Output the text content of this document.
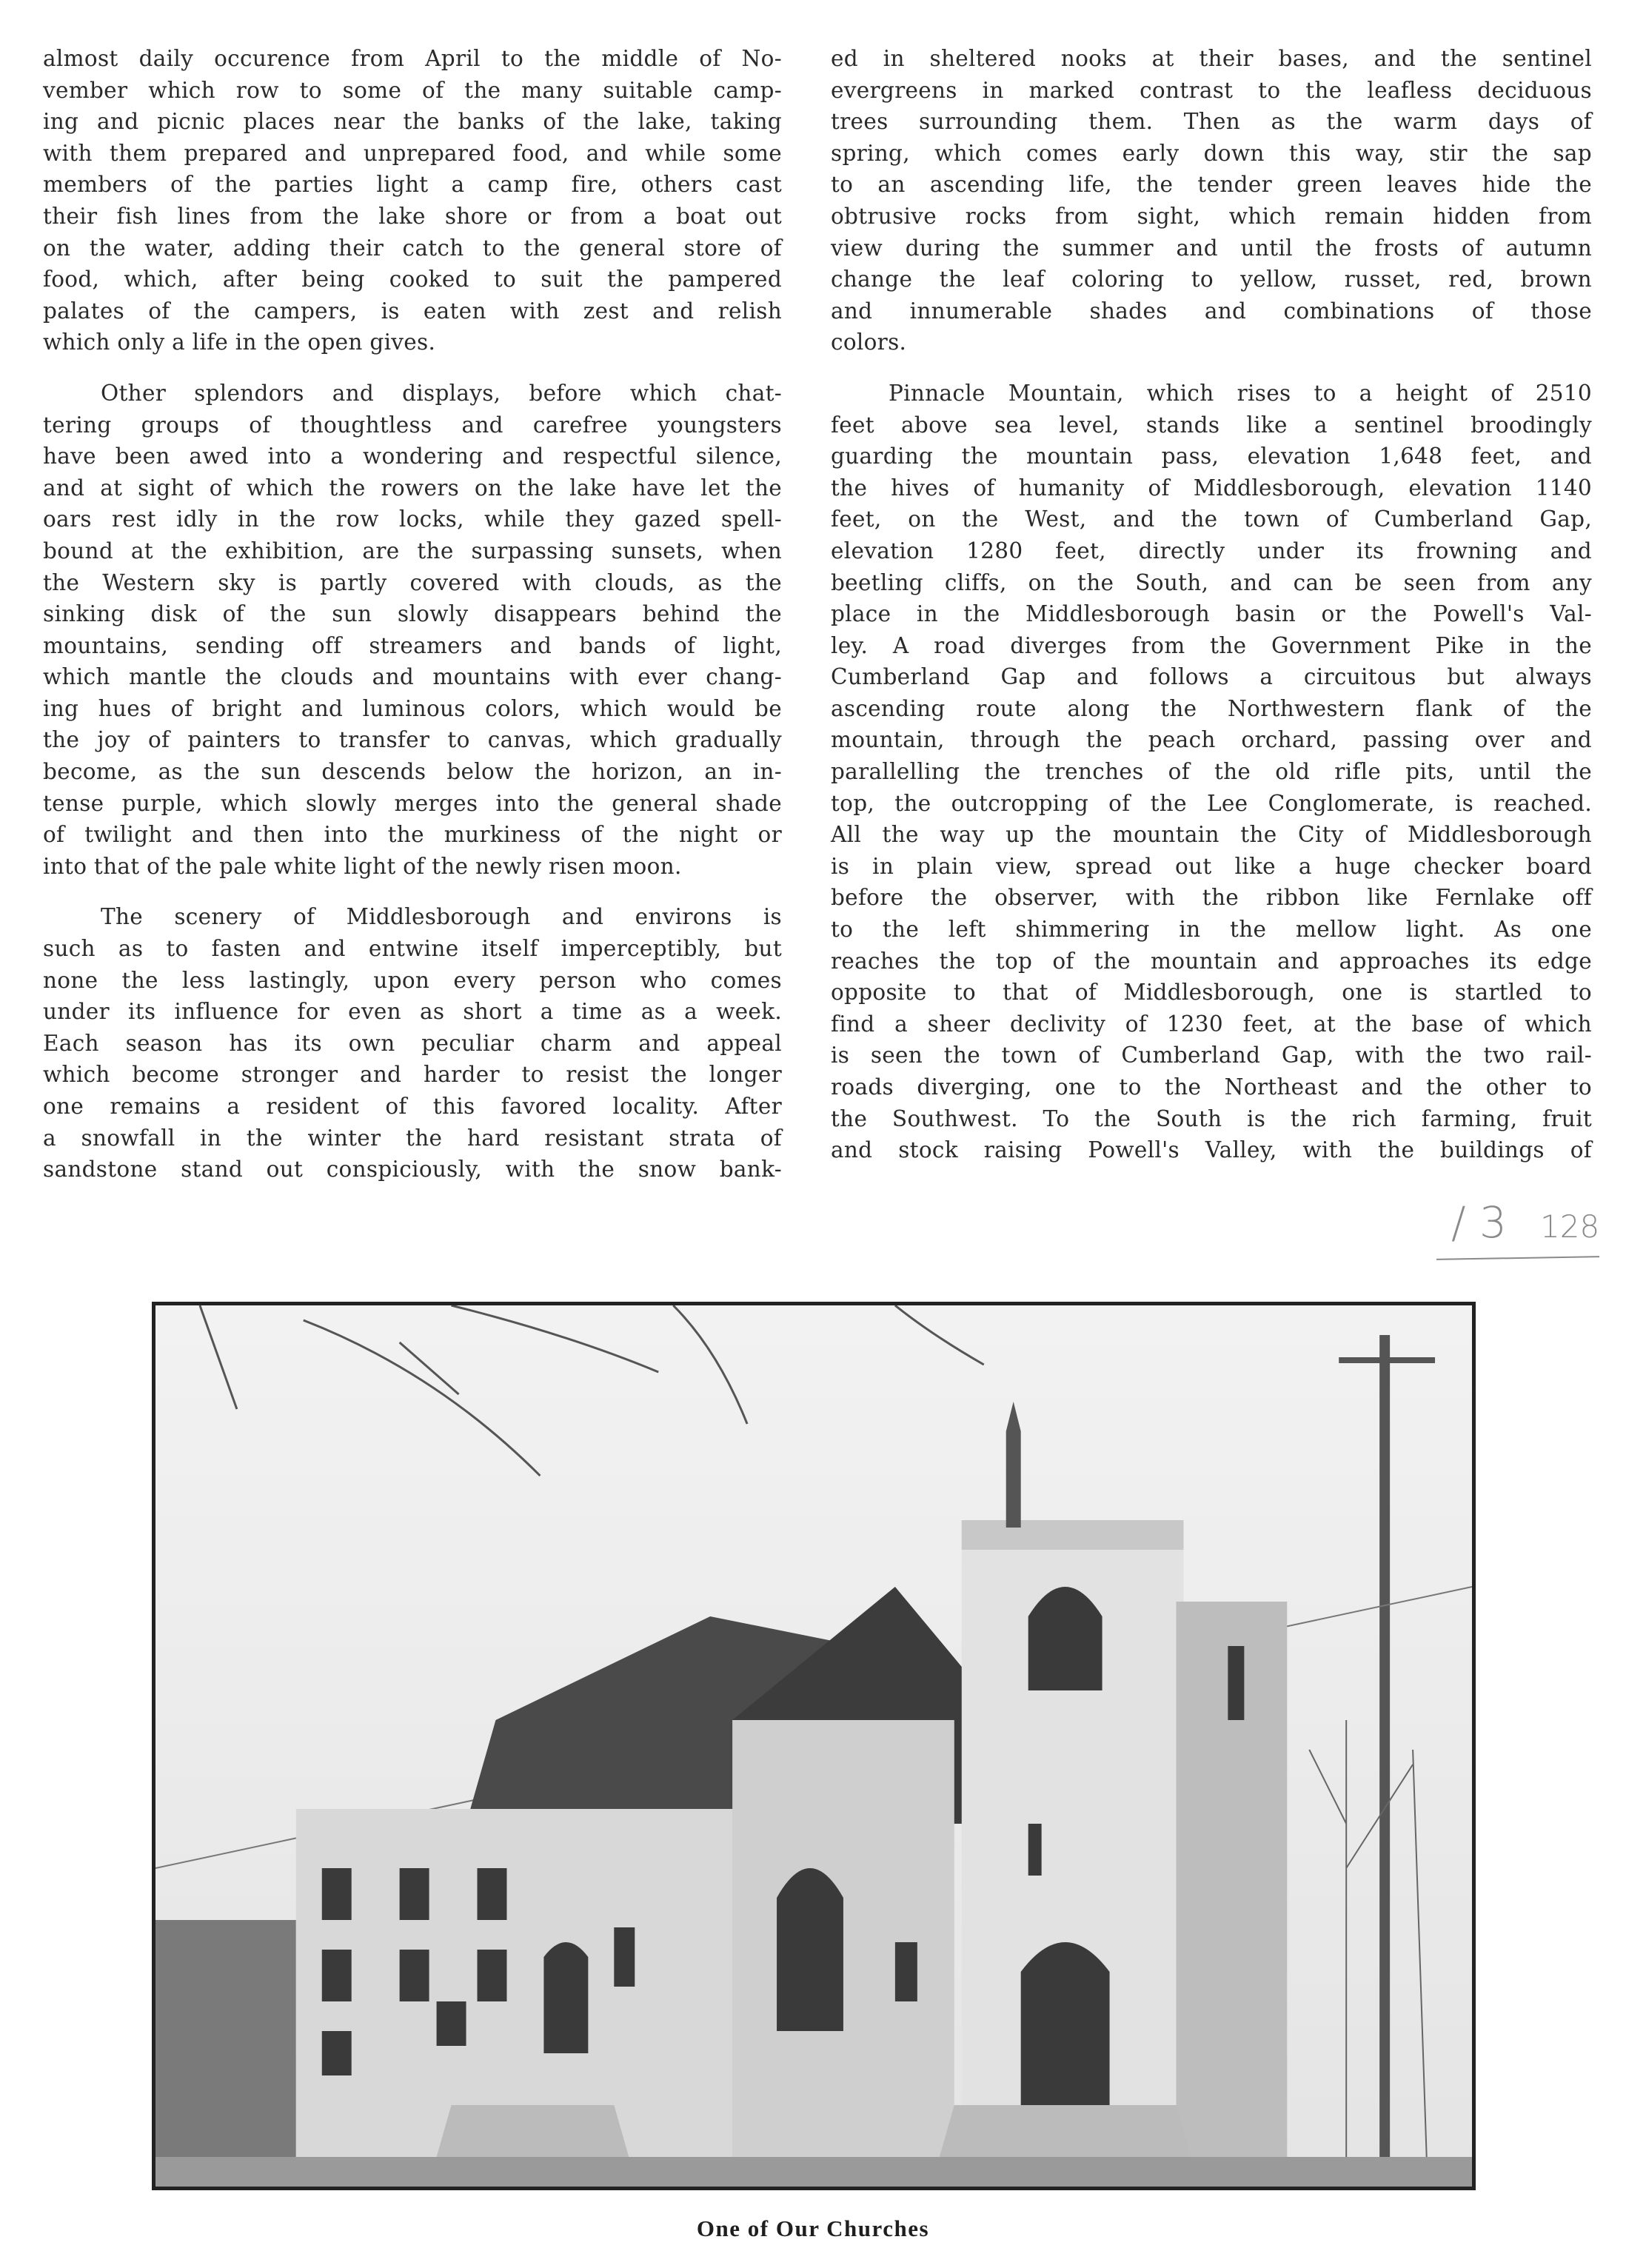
almost daily occurence from April to the middle of No-
vember which row to some of the many suitable camp-
ing and picnic places near the banks of the lake, taking
with them prepared and unprepared food, and while some
members of the parties light a camp fire, others cast
their fish lines from the lake shore or from a boat out
on the water, adding their catch to the general store of
food, which, after being cooked to suit the pampered
palates of the campers, is eaten with zest and relish
which only a life in the open gives.
Other splendors and displays, before which chat-
tering groups of thoughtless and carefree youngsters
have been awed into a wondering and respectful silence,
and at sight of which the rowers on the lake have let the
oars rest idly in the row locks, while they gazed spell-
bound at the exhibition, are the surpassing sunsets, when
the Western sky is partly covered with clouds, as the
sinking disk of the sun slowly disappears behind the
mountains, sending off streamers and bands of light,
which mantle the clouds and mountains with ever chang-
ing hues of bright and luminous colors, which would be
the joy of painters to transfer to canvas, which gradually
become, as the sun descends below the horizon, an in-
tense purple, which slowly merges into the general shade
of twilight and then into the murkiness of the night or
into that of the pale white light of the newly risen moon.
The scenery of Middlesborough and environs is
such as to fasten and entwine itself imperceptibly, but
none the less lastingly, upon every person who comes
under its influence for even as short a time as a week.
Each season has its own peculiar charm and appeal
which become stronger and harder to resist the longer
one remains a resident of this favored locality. After
a snowfall in the winter the hard resistant strata of
sandstone stand out conspiciously, with the snow bank-
ed in sheltered nooks at their bases, and the sentinel
evergreens in marked contrast to the leafless deciduous
trees surrounding them. Then as the warm days of
spring, which comes early down this way, stir the sap
to an ascending life, the tender green leaves hide the
obtrusive rocks from sight, which remain hidden from
view during the summer and until the frosts of autumn
change the leaf coloring to yellow, russet, red, brown
and innumerable shades and combinations of those
colors.
Pinnacle Mountain, which rises to a height of 2510
feet above sea level, stands like a sentinel broodingly
guarding the mountain pass, elevation 1,648 feet, and
the hives of humanity of Middlesborough, elevation 1140
feet, on the West, and the town of Cumberland Gap,
elevation 1280 feet, directly under its frowning and
beetling cliffs, on the South, and can be seen from any
place in the Middlesborough basin or the Powell's Val-
ley. A road diverges from the Government Pike in the
Cumberland Gap and follows a circuitous but always
ascending route along the Northwestern flank of the
mountain, through the peach orchard, passing over and
parallelling the trenches of the old rifle pits, until the
top, the outcropping of the Lee Conglomerate, is reached.
All the way up the mountain the City of Middlesborough
is in plain view, spread out like a huge checker board
before the observer, with the ribbon like Fernlake off
to the left shimmering in the mellow light. As one
reaches the top of the mountain and approaches its edge
opposite to that of Middlesborough, one is startled to
find a sheer declivity of 1230 feet, at the base of which
is seen the town of Cumberland Gap, with the two rail-
roads diverging, one to the Northeast and the other to
the Southwest. To the South is the rich farming, fruit
and stock raising Powell's Valley, with the buildings of
/ 3 128
One of Our Churches
